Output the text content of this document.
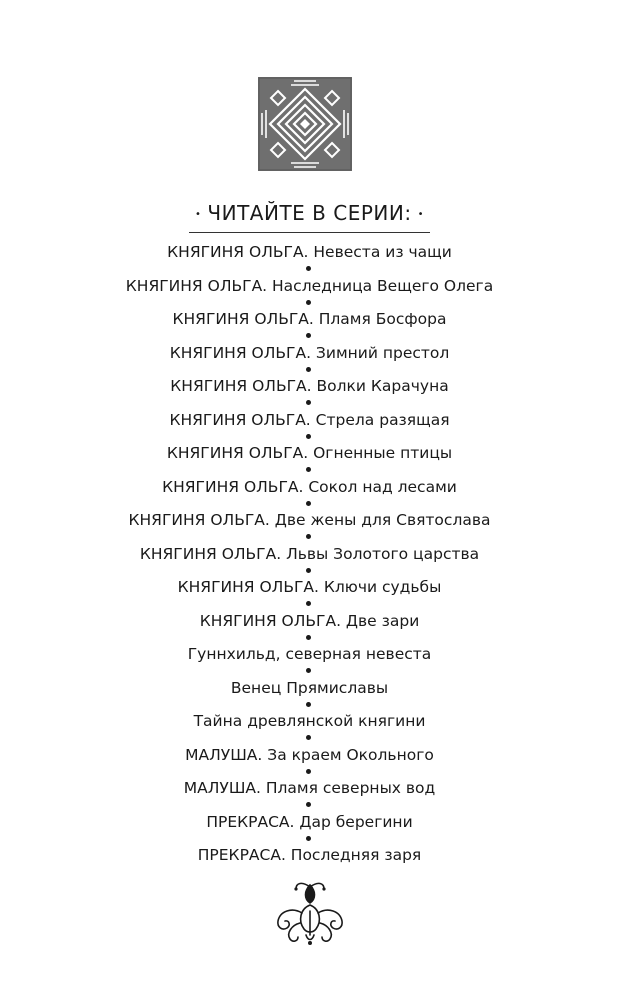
• ЧИТАЙТЕ В СЕРИИ: •
КНЯГИНЯ ОЛЬГА. Невеста из чащи
КНЯГИНЯ ОЛЬГА. Наследница Вещего Олега
КНЯГИНЯ ОЛЬГА. Пламя Босфора
КНЯГИНЯ ОЛЬГА. Зимний престол
КНЯГИНЯ ОЛЬГА. Волки Карачуна
КНЯГИНЯ ОЛЬГА. Стрела разящая
КНЯГИНЯ ОЛЬГА. Огненные птицы
КНЯГИНЯ ОЛЬГА. Сокол над лесами
КНЯГИНЯ ОЛЬГА. Две жены для Святослава
КНЯГИНЯ ОЛЬГА. Львы Золотого царства
КНЯГИНЯ ОЛЬГА. Ключи судьбы
КНЯГИНЯ ОЛЬГА. Две зари
Гуннхильд, северная невеста
Венец Прямиславы
Тайна древлянской княгини
МАЛУША. За краем Окольного
МАЛУША. Пламя северных вод
ПРЕКРАСА. Дар берегини
ПРЕКРАСА. Последняя заря
